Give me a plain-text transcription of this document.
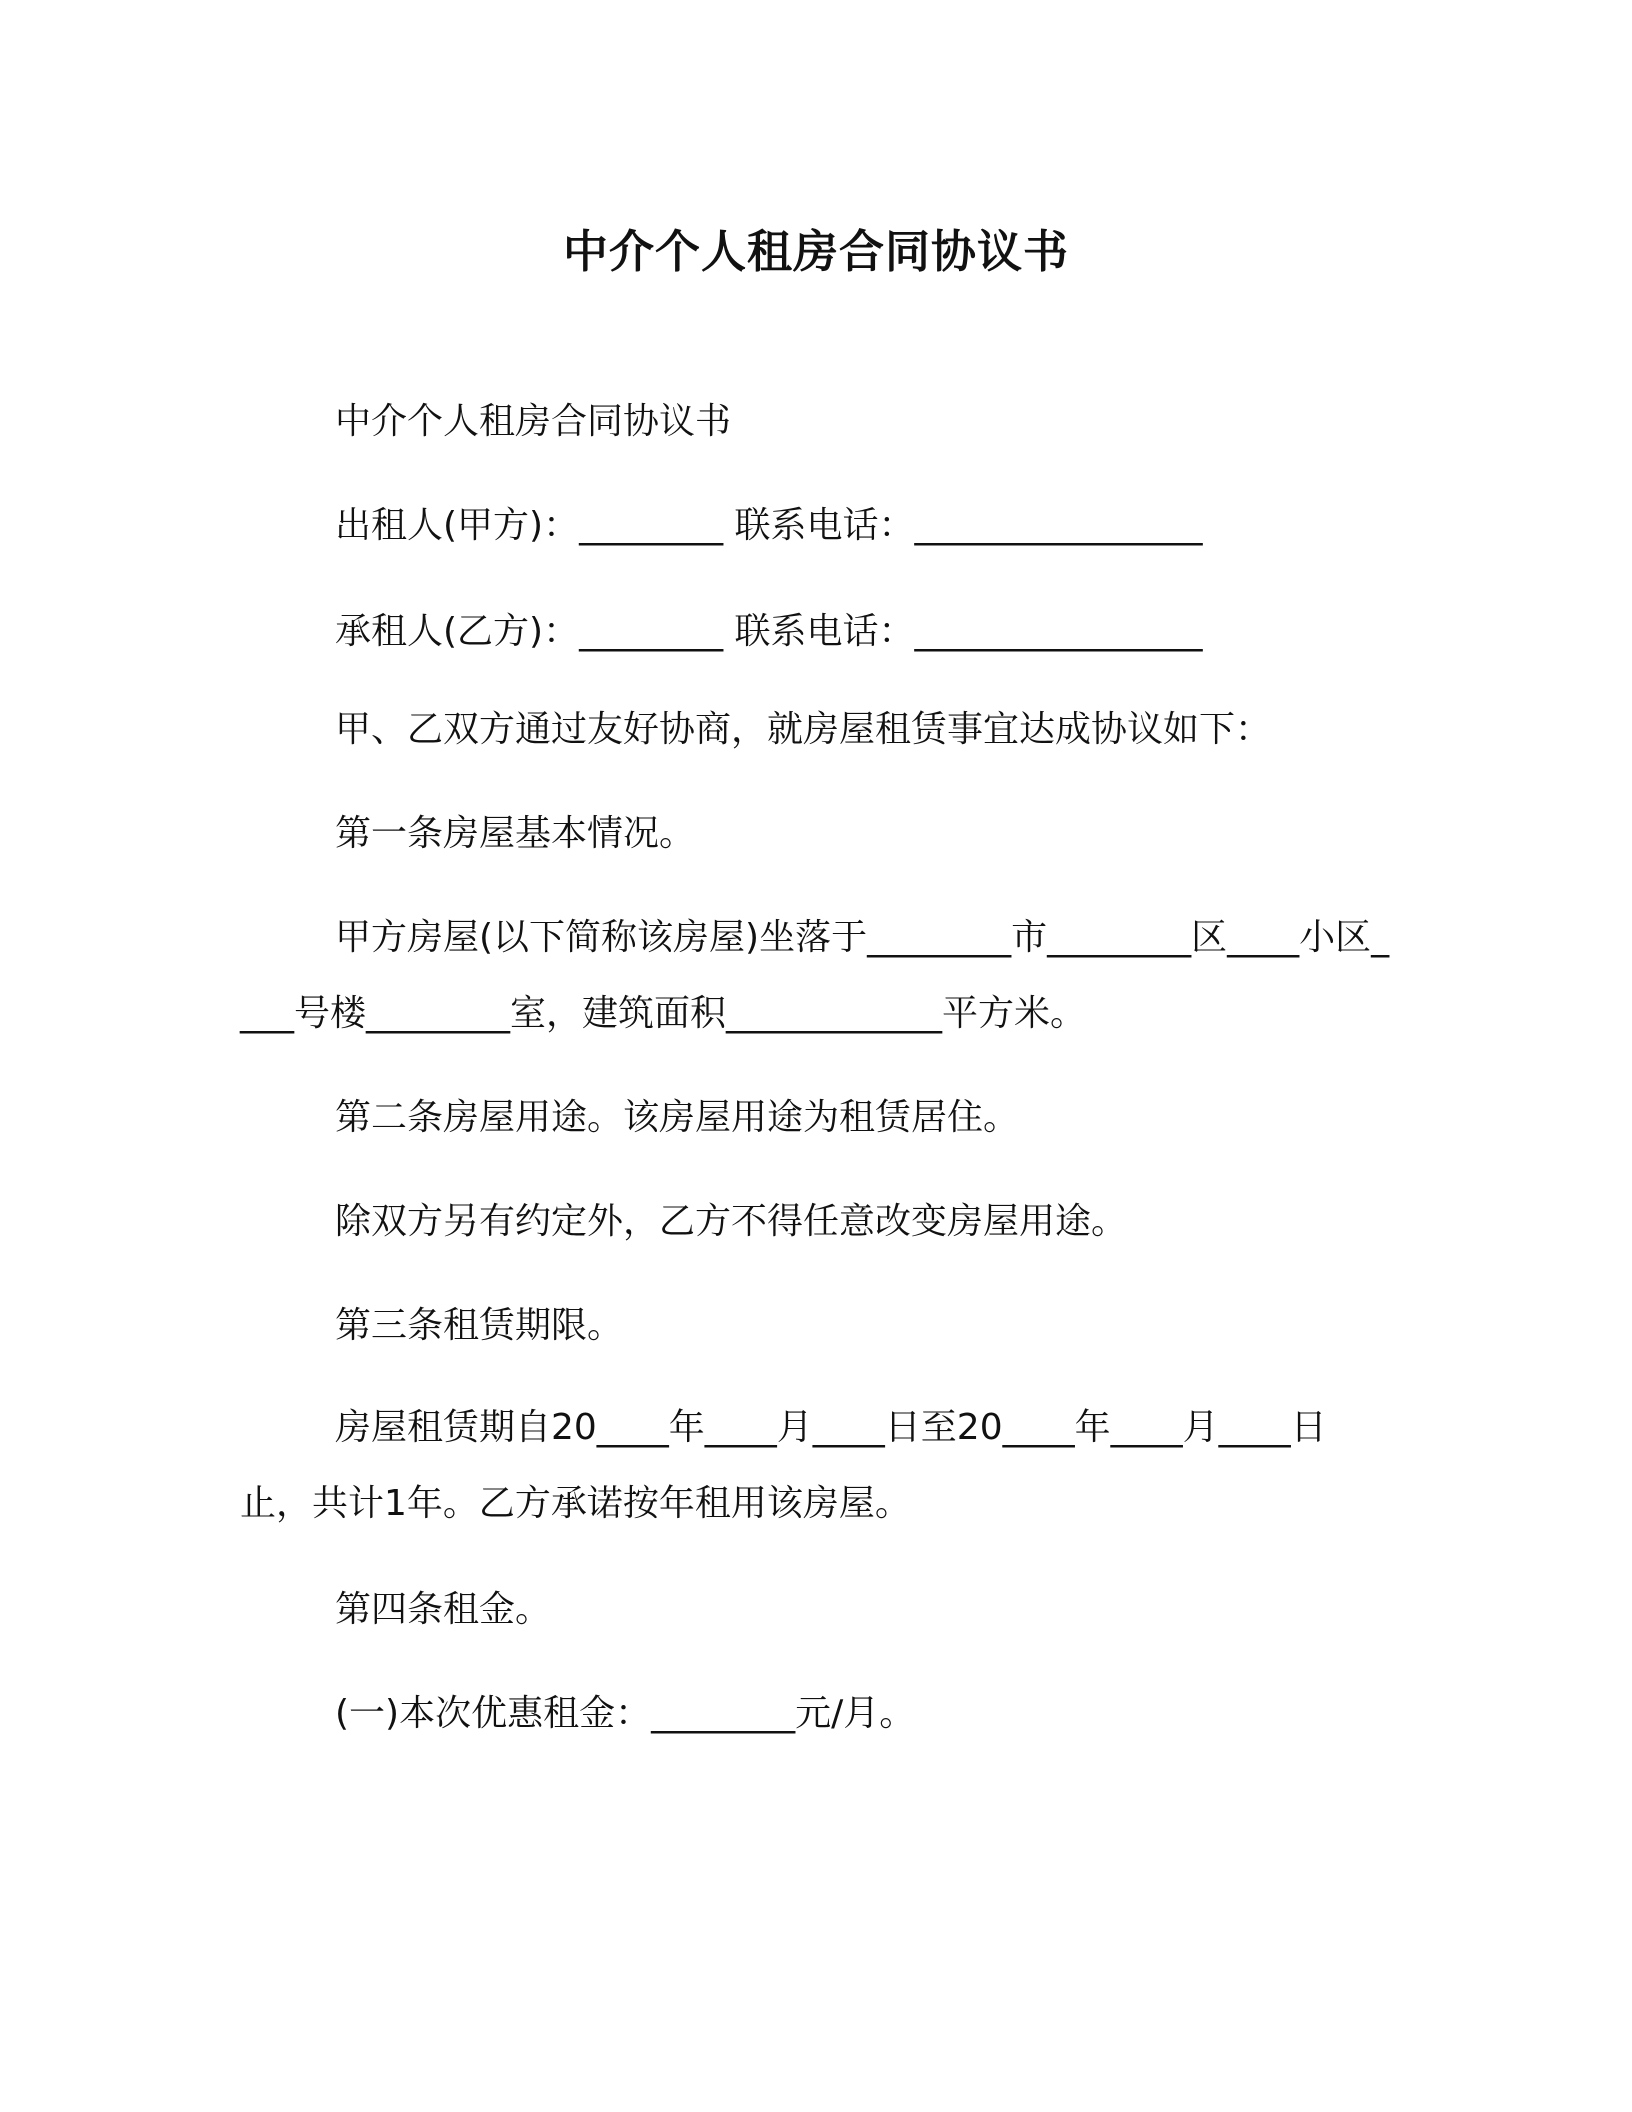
中介个人租房合同协议书
中介个人租房合同协议书
出租人(甲方)：________ 联系电话：________________
承租人(乙方)：________ 联系电话：________________
甲、乙双方通过友好协商，就房屋租赁事宜达成协议如下：
第一条房屋基本情况。
甲方房屋(以下简称该房屋)坐落于________市________区____小区____号楼________室，建筑面积____________平方米。
第二条房屋用途。该房屋用途为租赁居住。
除双方另有约定外，乙方不得任意改变房屋用途。
第三条租赁期限。
房屋租赁期自20____年____月____日至20____年____月____日止，共计1年。乙方承诺按年租用该房屋。
第四条租金。
(一)本次优惠租金：________元/月。
